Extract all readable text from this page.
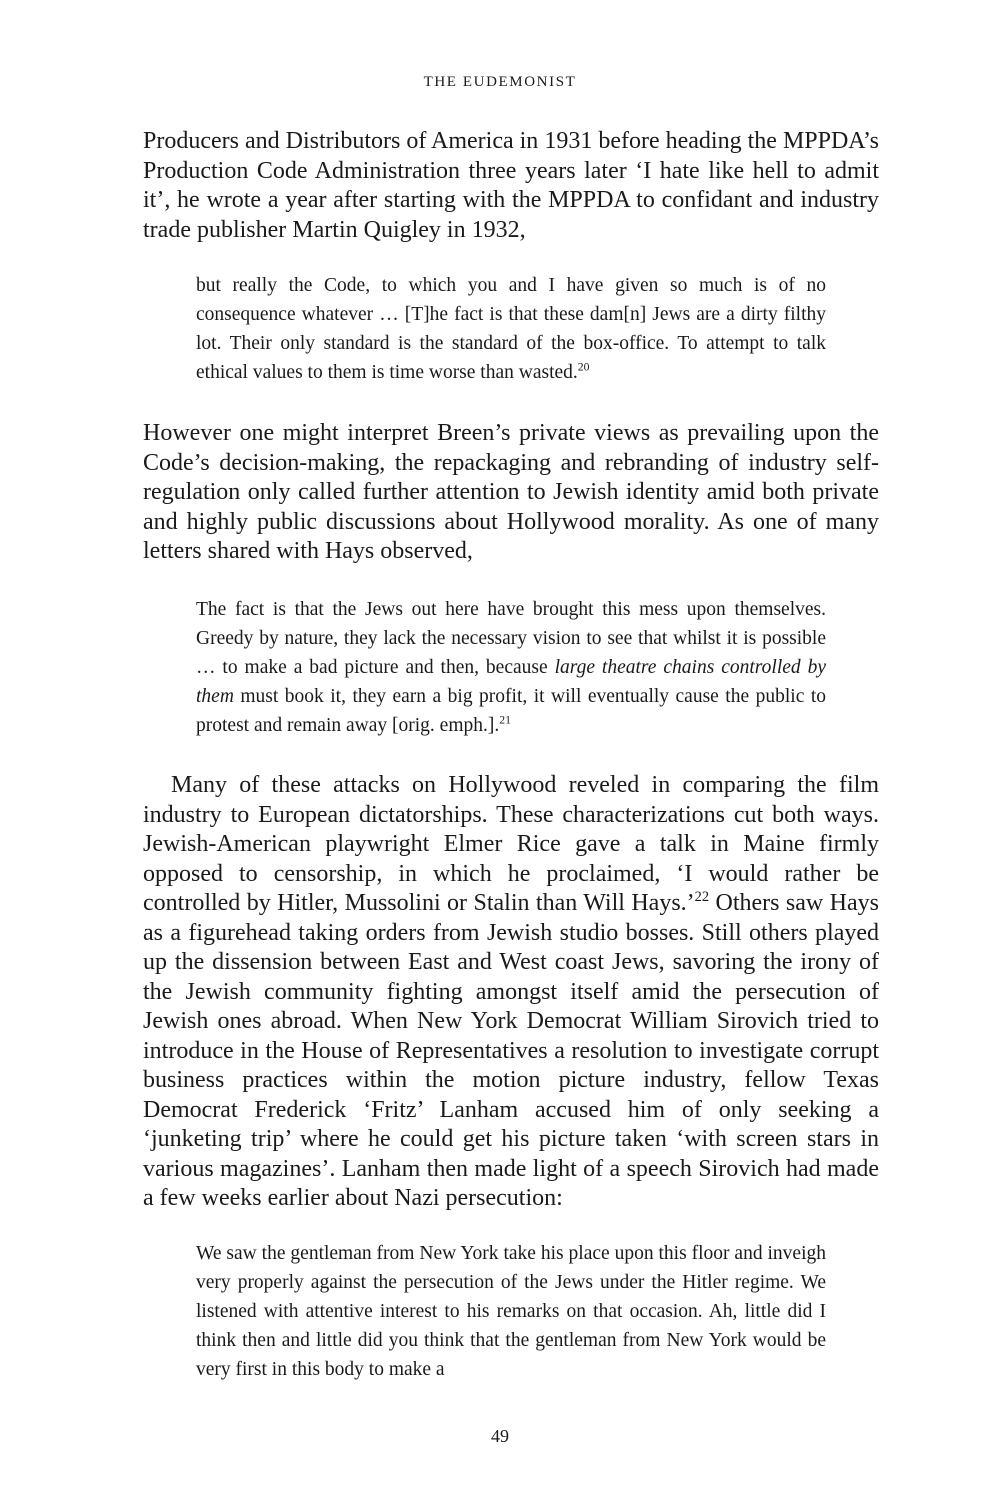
THE EUDEMONIST

Producers and Distributors of America in 1931 before heading the MPPDA’s Production Code Administration three years later ‘I hate like hell to admit it’, he wrote a year after starting with the MPPDA to confidant and industry trade publisher Martin Quigley in 1932,

but really the Code, to which you and I have given so much is of no consequence whatever … [T]he fact is that these dam[n] Jews are a dirty filthy lot. Their only standard is the standard of the box-office. To attempt to talk ethical values to them is time worse than wasted.$^{20}$

However one might interpret Breen’s private views as prevailing upon the Code’s decision-making, the repackaging and rebranding of industry self-regulation only called further attention to Jewish identity amid both private and highly public discussions about Hollywood morality. As one of many letters shared with Hays observed,

The fact is that the Jews out here have brought this mess upon themselves. Greedy by nature, they lack the necessary vision to see that whilst it is possible … to make a bad picture and then, because large theatre chains controlled by them must book it, they earn a big profit, it will eventually cause the public to protest and remain away [orig. emph.].$^{21}$

Many of these attacks on Hollywood reveled in comparing the film industry to European dictatorships. These characterizations cut both ways. Jewish-American playwright Elmer Rice gave a talk in Maine firmly opposed to censorship, in which he proclaimed, ‘I would rather be controlled by Hitler, Mussolini or Stalin than Will Hays.’$^{22}$ Others saw Hays as a figurehead taking orders from Jewish studio bosses. Still others played up the dissension between East and West coast Jews, savoring the irony of the Jewish community fighting amongst itself amid the persecution of Jewish ones abroad. When New York Democrat William Sirovich tried to introduce in the House of Representatives a resolution to investigate corrupt business practices within the motion picture industry, fellow Texas Democrat Frederick ‘Fritz’ Lanham accused him of only seeking a ‘junketing trip’ where he could get his picture taken ‘with screen stars in various magazines’. Lanham then made light of a speech Sirovich had made a few weeks earlier about Nazi persecution:

We saw the gentleman from New York take his place upon this floor and inveigh very properly against the persecution of the Jews under the Hitler regime. We listened with attentive interest to his remarks on that occasion. Ah, little did I think then and little did you think that the gentleman from New York would be very first in this body to make a

49
